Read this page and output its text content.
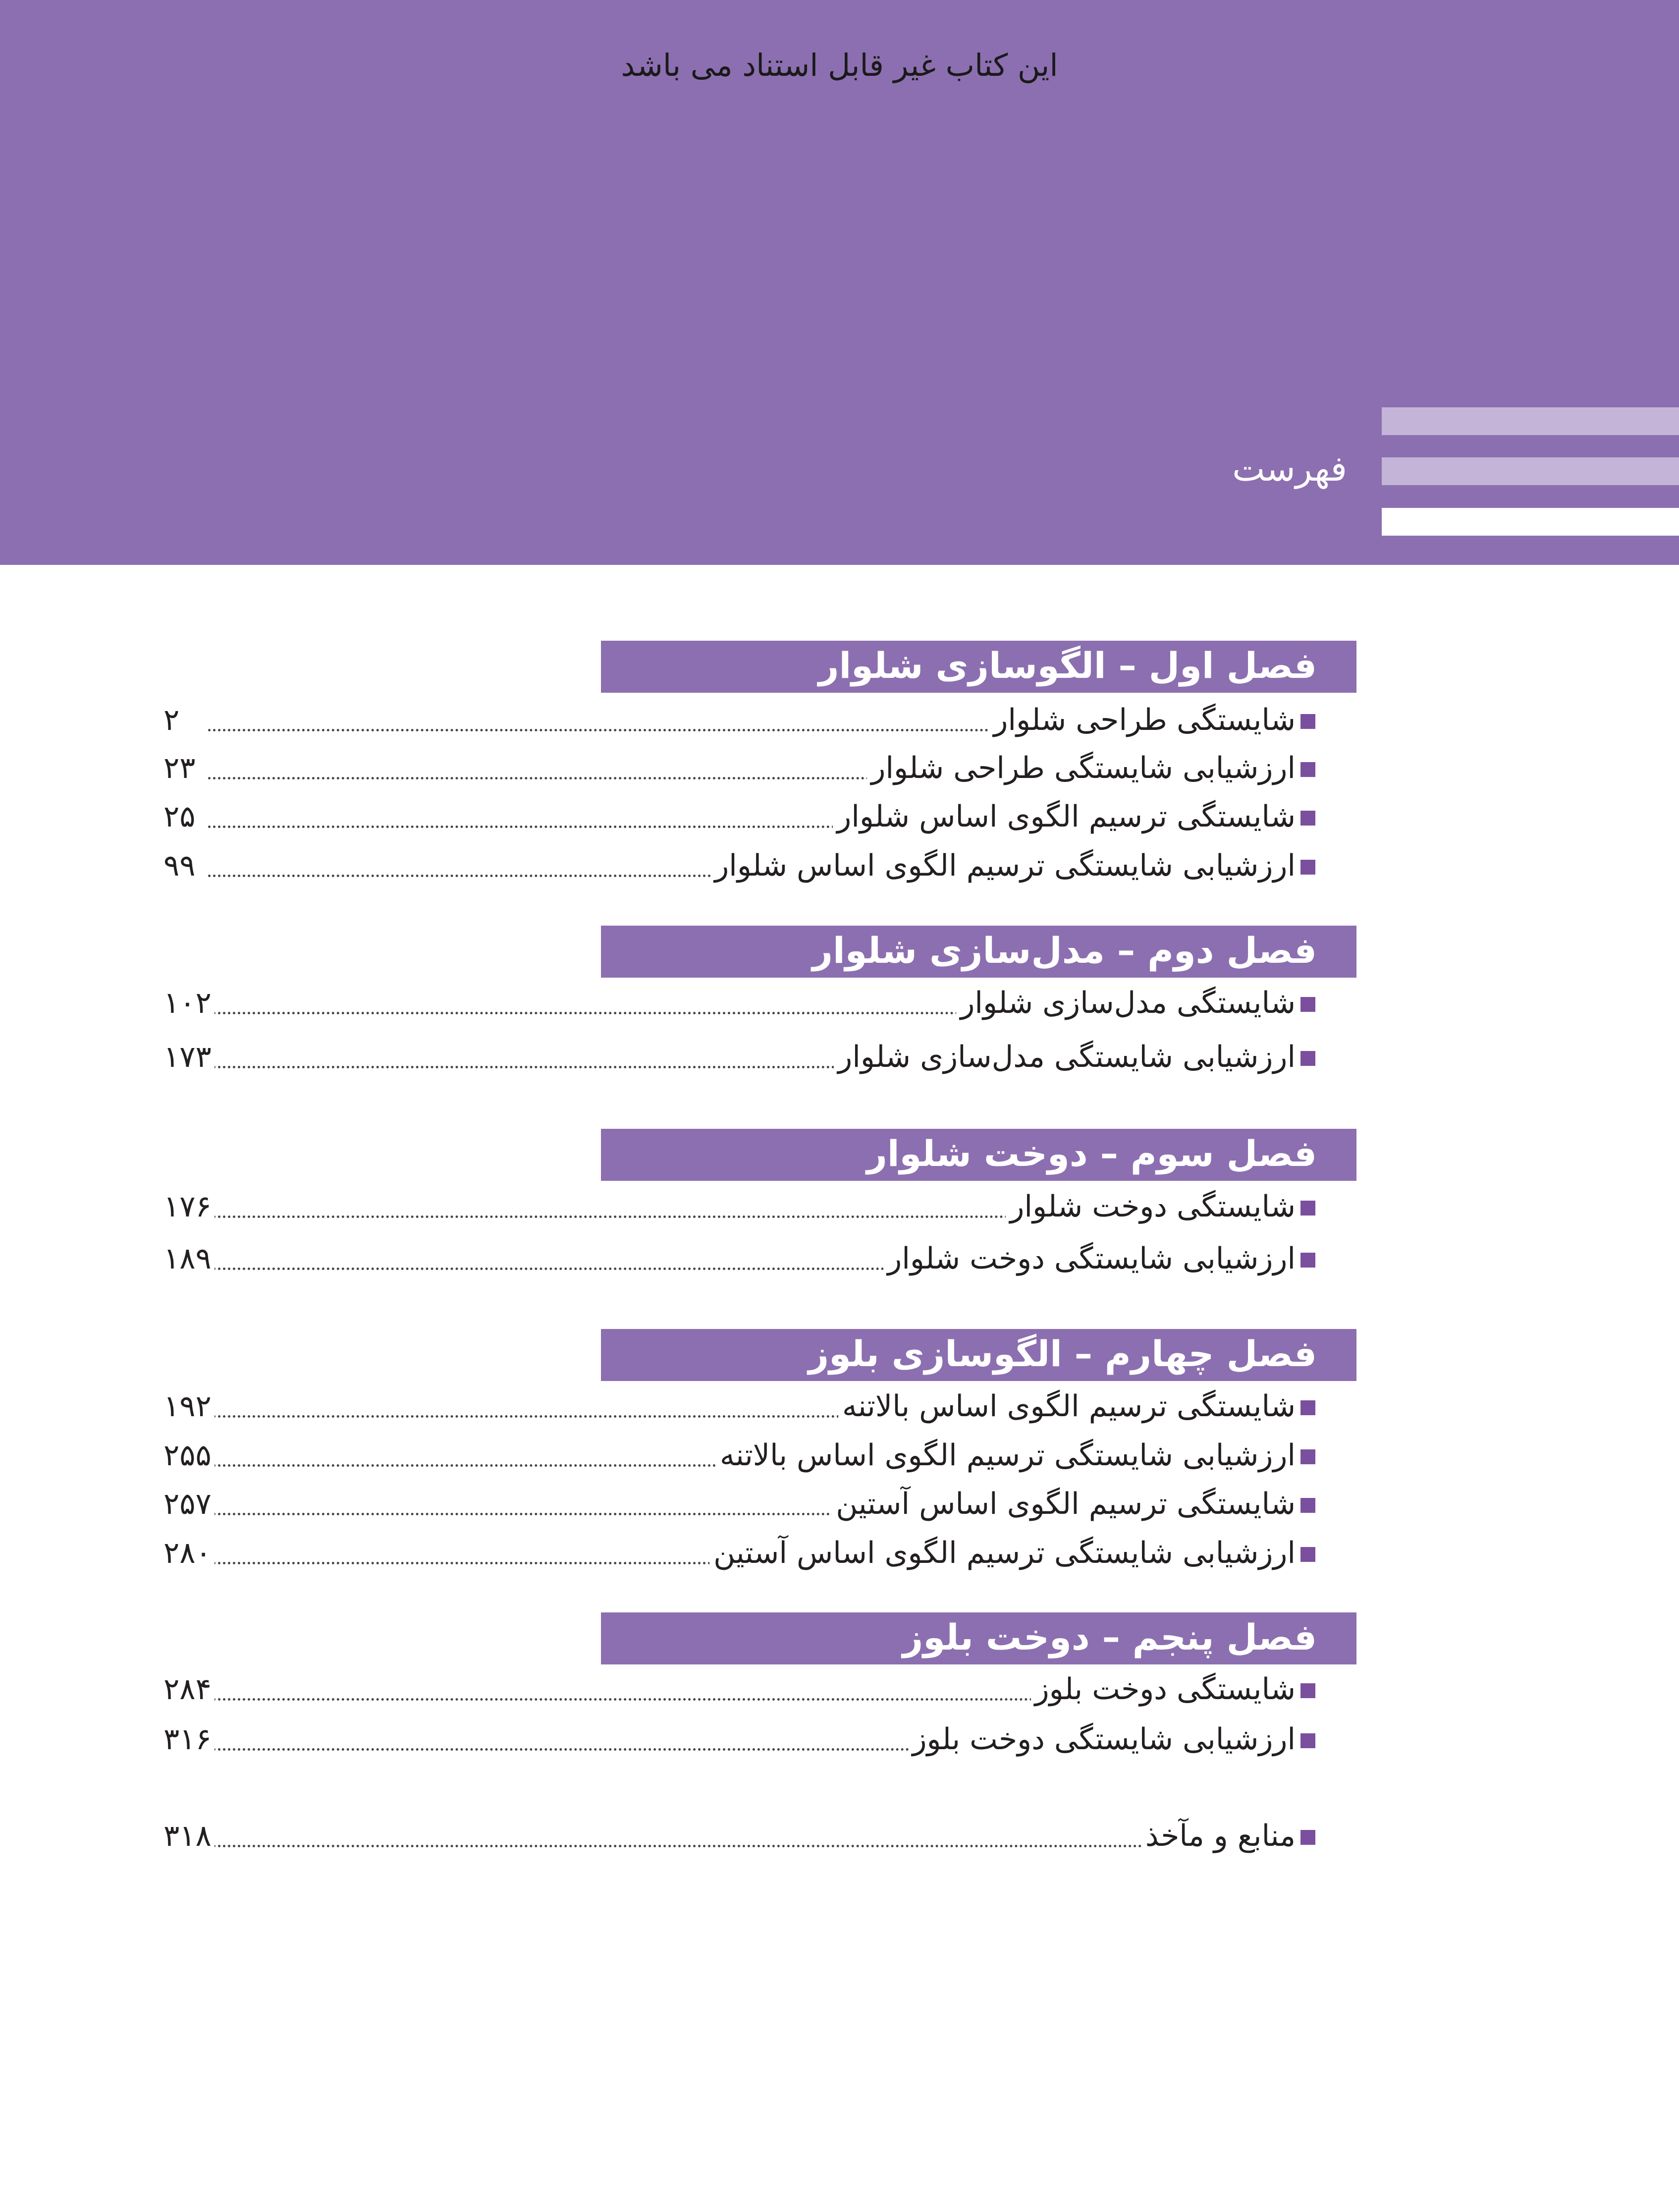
این کتاب غیر قابل استناد می باشد
فهرست
فصل اول – الگوسازی شلوار
شایستگی طراحی شلوار
۲
ارزشیابی شایستگی طراحی شلوار
۲۳
شایستگی ترسیم الگوی اساس شلوار
۲۵
ارزشیابی شایستگی ترسیم الگوی اساس شلوار
۹۹
فصل دوم – مدل‌سازی شلوار
شایستگی مدل‌سازی شلوار
۱۰۲
ارزشیابی شایستگی مدل‌سازی شلوار
۱۷۳
فصل سوم – دوخت شلوار
شایستگی دوخت شلوار
۱۷۶
ارزشیابی شایستگی دوخت شلوار
۱۸۹
فصل چهارم – الگوسازی بلوز
شایستگی ترسیم الگوی اساس بالاتنه
۱۹۲
ارزشیابی شایستگی ترسیم الگوی اساس بالاتنه
۲۵۵
شایستگی ترسیم الگوی اساس آستین
۲۵۷
ارزشیابی شایستگی ترسیم الگوی اساس آستین
۲۸۰
فصل پنجم – دوخت بلوز
شایستگی دوخت بلوز
۲۸۴
ارزشیابی شایستگی دوخت بلوز
۳۱۶
منابع و مآخذ
۳۱۸
